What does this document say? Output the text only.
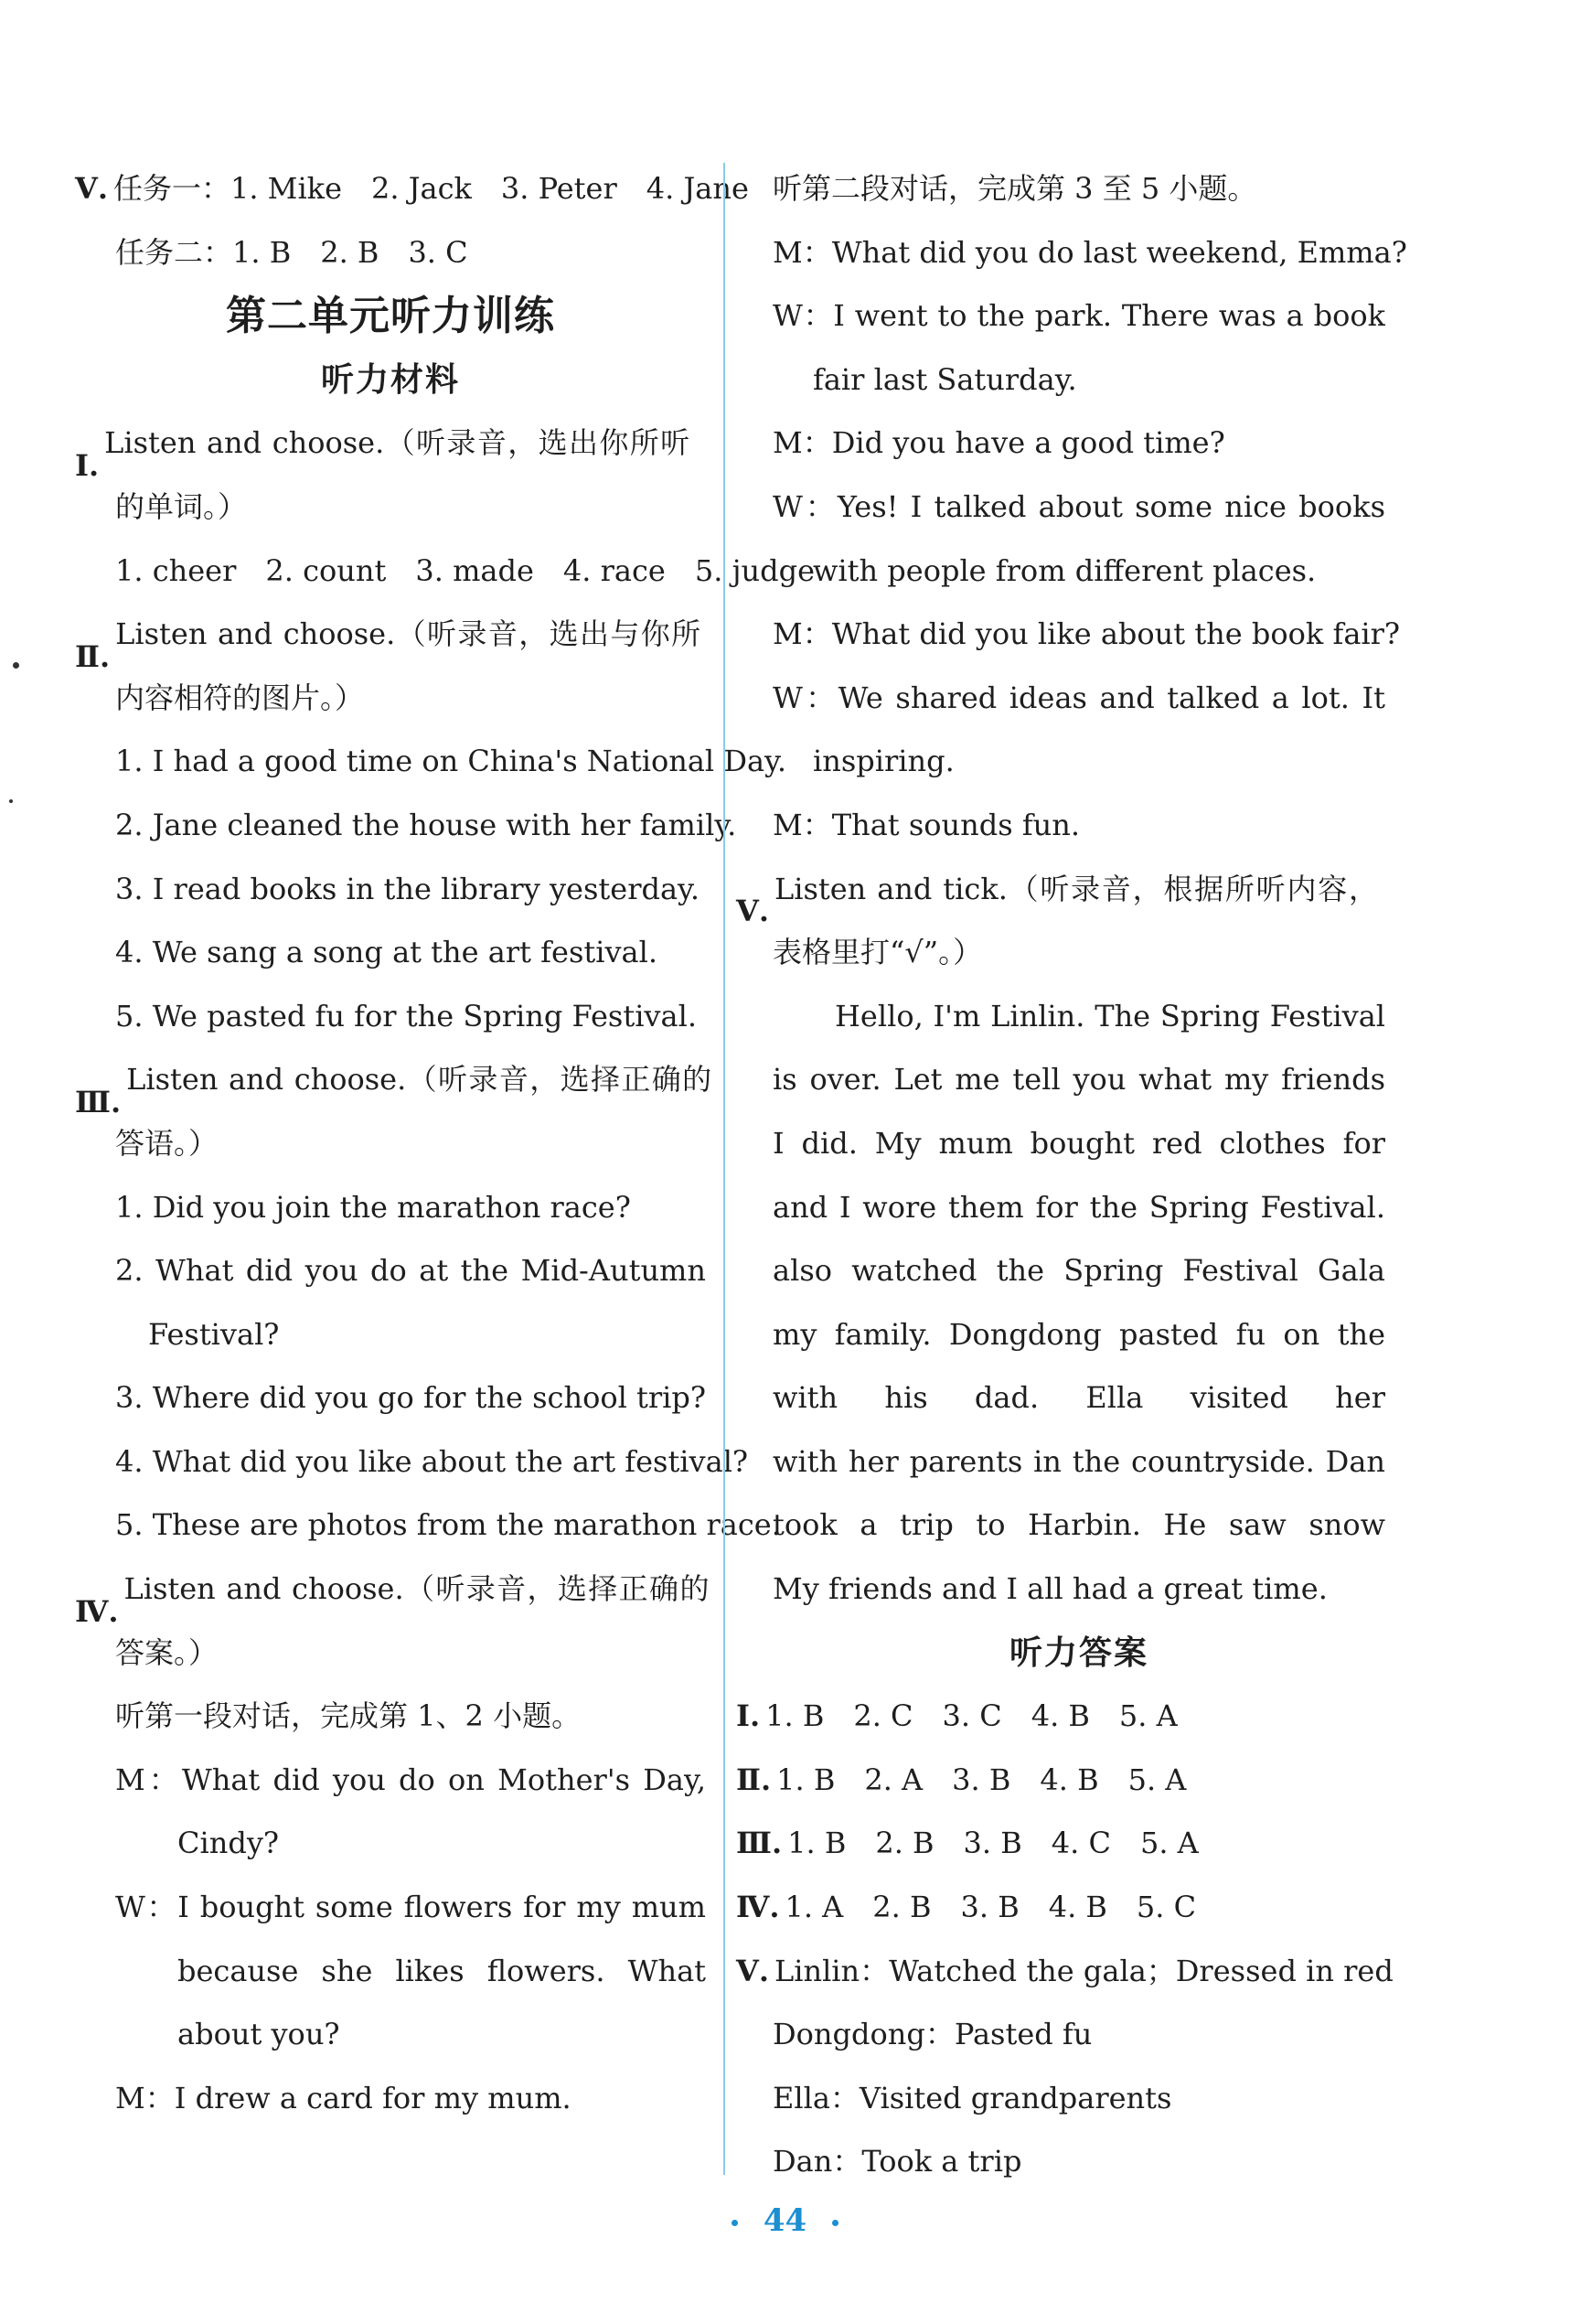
Ⅴ. 任务一：1. Mike　2. Jack　3. Peter　4. Jane
任务二：1. B　2. B　3. C
第二单元听力训练
听力材料
Ⅰ.Listen and choose.（听录音，选出你所听
的单词。）
1. cheer　2. count　3. made　4. race　5. judge
Ⅱ.Listen and choose.（听录音，选出与你所
内容相符的图片。）
1. I had a good time on China's National Day.
2. Jane cleaned the house with her family.
3. I read books in the library yesterday.
4. We sang a song at the art festival.
5. We pasted fu for the Spring Festival.
Ⅲ.Listen and choose.（听录音，选择正确的
答语。）
1. Did you join the marathon race?
2. What did you do at the Mid-Autumn
Festival?
3. Where did you go for the school trip?
4. What did you like about the art festival?
5. These are photos from the marathon race.
Ⅳ.Listen and choose.（听录音，选择正确的
答案。）
听第一段对话，完成第 1、2 小题。
M：What did you do on Mother's Day,
Cindy?
W：I bought some flowers for my mum
because she likes flowers. What
about you?
M：I drew a card for my mum.
听第二段对话，完成第 3 至 5 小题。
M：What did you do last weekend, Emma?
W：I went to the park. There was a book
fair last Saturday.
M：Did you have a good time?
W：Yes! I talked about some nice books
with people from different places.
M：What did you like about the book fair?
W：We shared ideas and talked a lot. It
inspiring.
M：That sounds fun.
Ⅴ.Listen and tick.（听录音，根据所听内容，
表格里打“√”。）
Hello, I'm Linlin. The Spring Festival
is over. Let me tell you what my friends
I did. My mum bought red clothes for
and I wore them for the Spring Festival.
also watched the Spring Festival Gala
my family. Dongdong pasted fu on the
with his dad. Ella visited her
with her parents in the countryside. Dan
took a trip to Harbin. He saw snow
My friends and I all had a great time.
听力答案
Ⅰ. 1. B　2. C　3. C　4. B　5. A
Ⅱ. 1. B　2. A　3. B　4. B　5. A
Ⅲ. 1. B　2. B　3. B　4. C　5. A
Ⅳ. 1. A　2. B　3. B　4. B　5. C
Ⅴ. Linlin：Watched the gala；Dressed in red
Dongdong：Pasted fu
Ella：Visited grandparents
Dan：Took a trip
44
